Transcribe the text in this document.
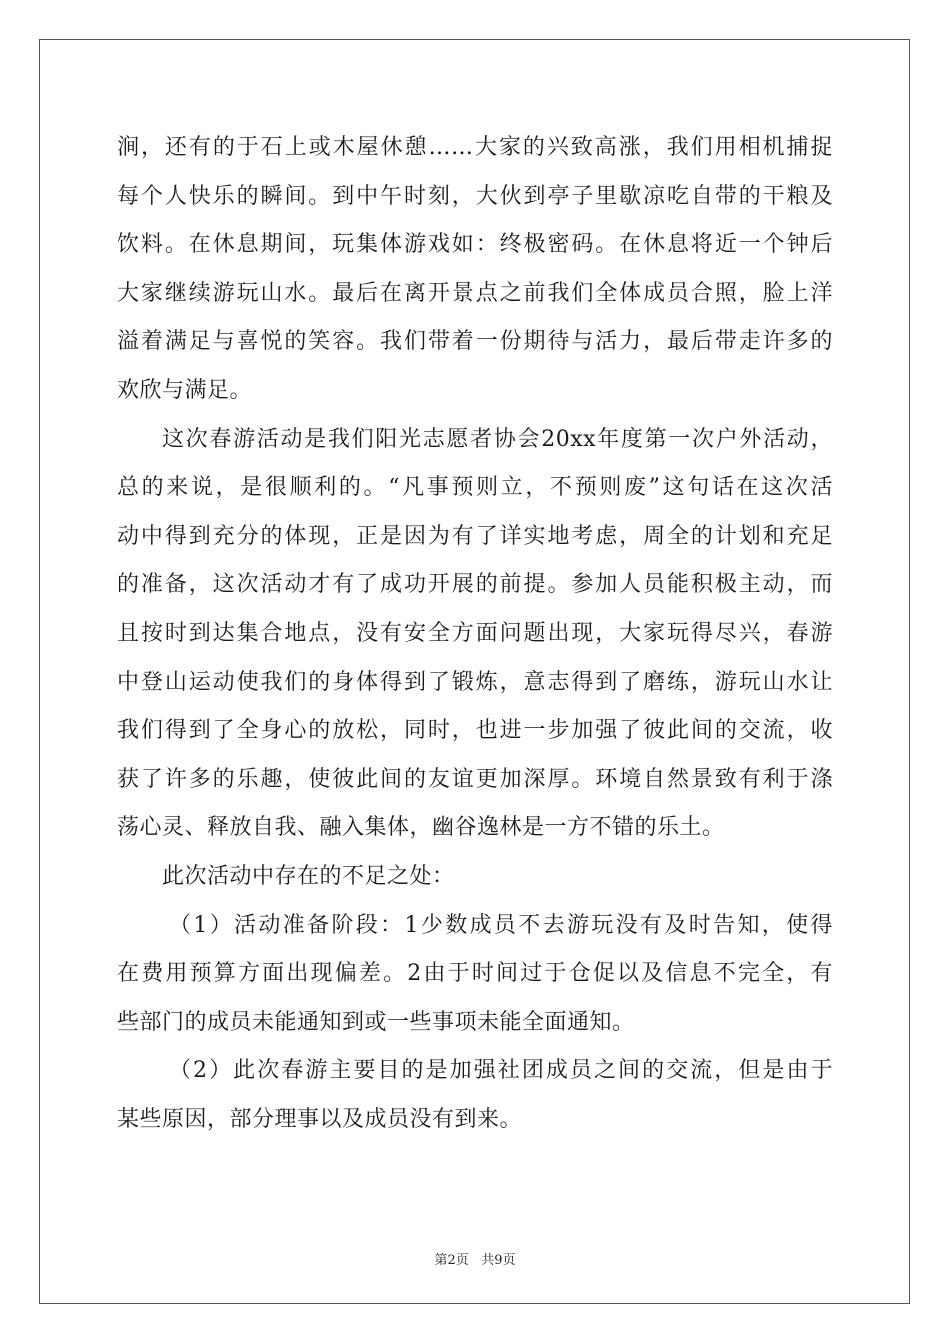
涧，还有的于石上或木屋休憩……大家的兴致高涨，我们用相机捕捉
每个人快乐的瞬间。到中午时刻，大伙到亭子里歇凉吃自带的干粮及
饮料。在休息期间，玩集体游戏如：终极密码。在休息将近一个钟后
大家继续游玩山水。最后在离开景点之前我们全体成员合照，脸上洋
溢着满足与喜悦的笑容。我们带着一份期待与活力，最后带走许多的
欢欣与满足。
这次春游活动是我们阳光志愿者协会20xx年度第一次户外活动，
总的来说，是很顺利的。“凡事预则立，不预则废”这句话在这次活
动中得到充分的体现，正是因为有了详实地考虑，周全的计划和充足
的准备，这次活动才有了成功开展的前提。参加人员能积极主动，而
且按时到达集合地点，没有安全方面问题出现，大家玩得尽兴，春游
中登山运动使我们的身体得到了锻炼，意志得到了磨练，游玩山水让
我们得到了全身心的放松，同时，也进一步加强了彼此间的交流，收
获了许多的乐趣，使彼此间的友谊更加深厚。环境自然景致有利于涤
荡心灵、释放自我、融入集体，幽谷逸林是一方不错的乐土。
此次活动中存在的不足之处：
（1）活动准备阶段：1少数成员不去游玩没有及时告知，使得
在费用预算方面出现偏差。2由于时间过于仓促以及信息不完全，有
些部门的成员未能通知到或一些事项未能全面通知。
（2）此次春游主要目的是加强社团成员之间的交流，但是由于
某些原因，部分理事以及成员没有到来。
第2页 共9页
